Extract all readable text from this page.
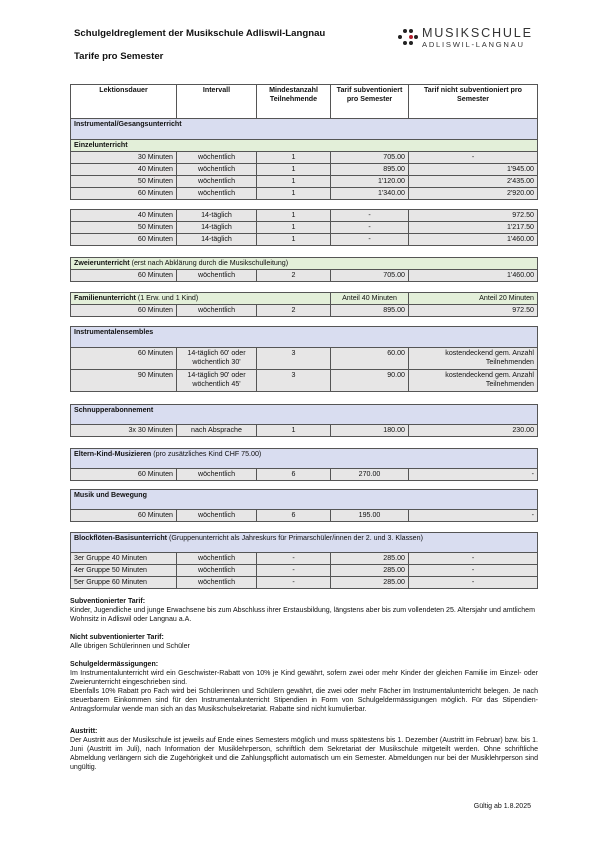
Schulgeldreglement der Musikschule Adliswil-Langnau
Tarife pro Semester
MUSIKSCHULE
ADLISWIL-LANGNAU
Lektionsdauer	Intervall	Mindestanzahl Teilnehmende	Tarif subventioniert pro Semester	Tarif nicht subventioniert pro Semester
Instrumental/Gesangsunterricht				
Einzelunterricht				
30 Minuten	wöchentlich	1	705.00	-
40 Minuten	wöchentlich	1	895.00	1'945.00
50 Minuten	wöchentlich	1	1'120.00	2'435.00
60 Minuten	wöchentlich	1	1'340.00	2'920.00
40 Minuten	14-täglich	1	-	972.50
50 Minuten	14-täglich	1	-	1'217.50
60 Minuten	14-täglich	1	-	1'460.00
Zweierunterricht (erst nach Abklärung durch die Musikschulleitung)
60 Minuten	wöchentlich	2	705.00	1'460.00
Familienunterricht (1 Erw. und 1 Kind)			Anteil 40 Minuten	Anteil 20 Minuten
60 Minuten	wöchentlich	2	895.00	972.50
Instrumentalensembles				
60 Minuten	14-täglich 60' oder wöchentlich 30'	3	60.00	kostendeckend gem. Anzahl Teilnehmenden
90 Minuten	14-täglich 90' oder wöchentlich 45'	3	90.00	kostendeckend gem. Anzahl Teilnehmenden
Schnupperabonnement
3x 30 Minuten	nach Absprache	1	180.00	230.00
Eltern-Kind-Musizieren (pro zusätzliches Kind CHF 75.00)
60 Minuten	wöchentlich	6	270.00	-
Musik und Bewegung
60 Minuten	wöchentlich	6	195.00	-
Blockflöten-Basisunterricht (Gruppenunterricht als Jahreskurs für Primarschüler/innen der 2. und 3. Klassen)				
3er Gruppe 40 Minuten	wöchentlich	-	285.00	-
4er Gruppe 50 Minuten	wöchentlich	-	285.00	-
5er Gruppe 60 Minuten	wöchentlich	-	285.00	-
Subventionierter Tarif:
Kinder, Jugendliche und junge Erwachsene bis zum Abschluss ihrer Erstausbildung, längstens aber bis zum vollendeten 25. Altersjahr und amtlichem Wohnsitz in Adliswil oder Langnau a.A.
Nicht subventionierter Tarif:
Alle übrigen Schülerinnen und Schüler
Schulgeldermässigungen:
Im Instrumentalunterricht wird ein Geschwister-Rabatt von 10% je Kind gewährt, sofern zwei oder mehr Kinder der gleichen Familie im Einzel- oder Zweierunterricht eingeschrieben sind.
Ebenfalls 10% Rabatt pro Fach wird bei Schülerinnen und Schülern gewährt, die zwei oder mehr Fächer im Instrumentalunterricht belegen. Je nach steuerbarem Einkommen sind für den Instrumentalunterricht Stipendien in Form von Schulgeldermässigungen möglich. Für das Stipendien-Antragsformular wende man sich an das Musikschulsekretariat. Rabatte sind nicht kumulierbar.
Austritt:
Der Austritt aus der Musikschule ist jeweils auf Ende eines Semesters möglich und muss spätestens bis 1. Dezember (Austritt im Februar) bzw. bis 1. Juni (Austritt im Juli), nach Information der Musiklehrperson, schriftlich dem Sekretariat der Musikschule mitgeteilt werden. Ohne schriftliche Abmeldung verlängern sich die Zugehörigkeit und die Zahlungspflicht automatisch um ein Semester. Abmeldungen nur bei der Musiklehrperson sind ungültig.
Gültig ab 1.8.2025
